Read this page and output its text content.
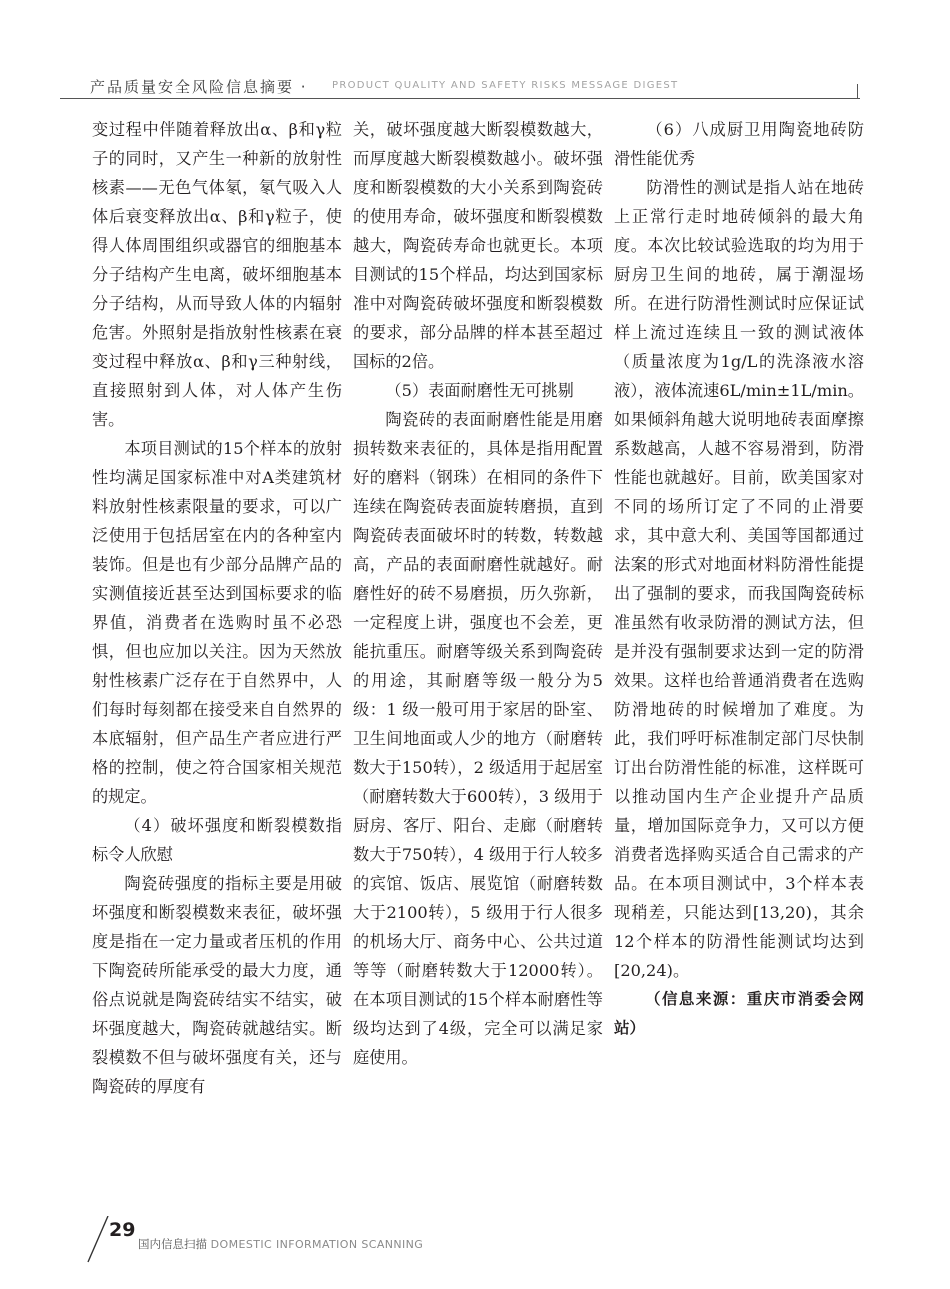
产品质量安全风险信息摘要 · PRODUCT QUALITY AND SAFETY RISKS MESSAGE DIGEST

变过程中伴随着释放出α、β和γ粒子的同时，又产生一种新的放射性核素——无色气体氡，氡气吸入人体后衰变释放出α、β和γ粒子，使得人体周围组织或器官的细胞基本分子结构产生电离，破坏细胞基本分子结构，从而导致人体的内辐射危害。外照射是指放射性核素在衰变过程中释放α、β和γ三种射线，直接照射到人体，对人体产生伤害。

本项目测试的15个样本的放射性均满足国家标准中对A类建筑材料放射性核素限量的要求，可以广泛使用于包括居室在内的各种室内装饰。但是也有少部分品牌产品的实测值接近甚至达到国标要求的临界值，消费者在选购时虽不必恐惧，但也应加以关注。因为天然放射性核素广泛存在于自然界中，人们每时每刻都在接受来自自然界的本底辐射，但产品生产者应进行严格的控制，使之符合国家相关规范的规定。

（4）破坏强度和断裂模数指标令人欣慰

陶瓷砖强度的指标主要是用破坏强度和断裂模数来表征，破坏强度是指在一定力量或者压机的作用下陶瓷砖所能承受的最大力度，通俗点说就是陶瓷砖结实不结实，破坏强度越大，陶瓷砖就越结实。断裂模数不但与破坏强度有关，还与陶瓷砖的厚度有

关，破坏强度越大断裂模数越大，而厚度越大断裂模数越小。破坏强度和断裂模数的大小关系到陶瓷砖的使用寿命，破坏强度和断裂模数越大，陶瓷砖寿命也就更长。本项目测试的15个样品，均达到国家标准中对陶瓷砖破坏强度和断裂模数的要求，部分品牌的样本甚至超过国标的2倍。

（5）表面耐磨性无可挑剔

陶瓷砖的表面耐磨性能是用磨损转数来表征的，具体是指用配置好的磨料（钢珠）在相同的条件下连续在陶瓷砖表面旋转磨损，直到陶瓷砖表面破坏时的转数，转数越高，产品的表面耐磨性就越好。耐磨性好的砖不易磨损，历久弥新，一定程度上讲，强度也不会差，更能抗重压。耐磨等级关系到陶瓷砖的用途，其耐磨等级一般分为5级：1 级一般可用于家居的卧室、卫生间地面或人少的地方（耐磨转数大于150转），2 级适用于起居室（耐磨转数大于600转），3 级用于厨房、客厅、阳台、走廊（耐磨转数大于750转），4 级用于行人较多的宾馆、饭店、展览馆（耐磨转数大于2100转），5 级用于行人很多的机场大厅、商务中心、公共过道等等（耐磨转数大于12000转）。在本项目测试的15个样本耐磨性等级均达到了4级，完全可以满足家庭使用。

（6）八成厨卫用陶瓷地砖防滑性能优秀

防滑性的测试是指人站在地砖上正常行走时地砖倾斜的最大角度。本次比较试验选取的均为用于厨房卫生间的地砖，属于潮湿场所。在进行防滑性测试时应保证试样上流过连续且一致的测试液体（质量浓度为1g/L的洗涤液水溶液），液体流速6L/min±1L/min。如果倾斜角越大说明地砖表面摩擦系数越高，人越不容易滑到，防滑性能也就越好。目前，欧美国家对不同的场所订定了不同的止滑要求，其中意大利、美国等国都通过法案的形式对地面材料防滑性能提出了强制的要求，而我国陶瓷砖标准虽然有收录防滑的测试方法，但是并没有强制要求达到一定的防滑效果。这样也给普通消费者在选购防滑地砖的时候增加了难度。为此，我们呼吁标准制定部门尽快制订出台防滑性能的标准，这样既可以推动国内生产企业提升产品质量，增加国际竞争力，又可以方便消费者选择购买适合自己需求的产品。在本项目测试中，3个样本表现稍差，只能达到[13,20)，其余12个样本的防滑性能测试均达到[20,24)。

（信息来源：重庆市消委会网站）

29
国内信息扫描 DOMESTIC INFORMATION SCANNING
